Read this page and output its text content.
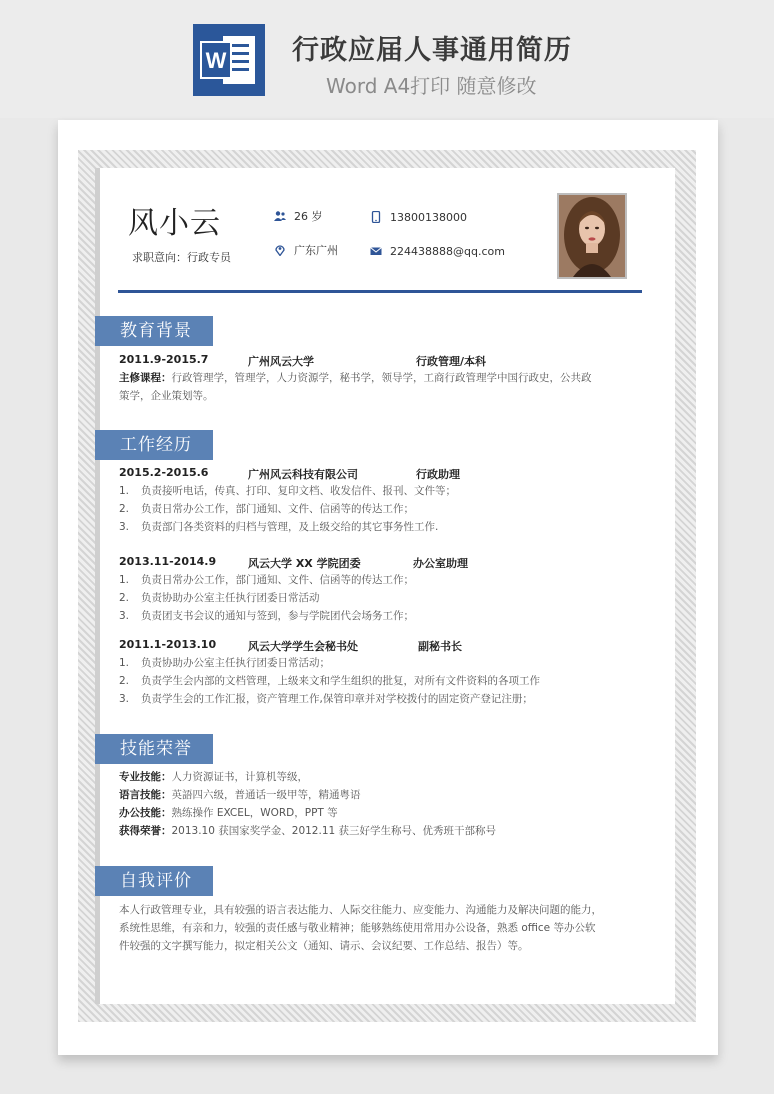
W 行政应届人事通用简历
Word A4打印 随意修改
风小云
求职意向：行政专员
26 岁	13800138000
广东广州	224438888@qq.com
教育背景
2011.9-2015.7	广州风云大学	行政管理/本科
主修课程：行政管理学，管理学，人力资源学，秘书学，领导学，工商行政管理学中国行政史，公共政
策学，企业策划等。
工作经历
2015.2-2015.6	广州风云科技有限公司	行政助理
1. 负责接听电话，传真、打印、复印文档、收发信件、报刊、文件等；
2. 负责日常办公工作，部门通知、文件、信函等的传达工作；
3. 负责部门各类资料的归档与管理，及上级交给的其它事务性工作.
2013.11-2014.9	风云大学 XX 学院团委	办公室助理
1. 负责日常办公工作，部门通知、文件、信函等的传达工作；
2. 负责协助办公室主任执行团委日常活动
3. 负责团支书会议的通知与签到，参与学院团代会场务工作；
2011.1-2013.10	风云大学学生会秘书处	副秘书长
1. 负责协助办公室主任执行团委日常活动；
2. 负责学生会内部的文档管理，上级来文和学生组织的批复，对所有文件资料的各项工作
3. 负责学生会的工作汇报，资产管理工作,保管印章并对学校拨付的固定资产登记注册；
技能荣誉
专业技能：人力资源证书，计算机等级，
语言技能：英語四六级，普通话一级甲等，精通粤语
办公技能：熟练操作 EXCEL，WORD，PPT 等
获得荣誉：2013.10 获国家奖学金、2012.11 获三好学生称号、优秀班干部称号
自我评价
本人行政管理专业，具有较强的语言表达能力、人际交往能力、应变能力、沟通能力及解决问题的能力，
系统性思维，有亲和力，较强的责任感与敬业精神；能够熟练使用常用办公设备，熟悉 office 等办公软
件较强的文字撰写能力，拟定相关公文（通知、请示、会议纪要、工作总结、报告）等。
